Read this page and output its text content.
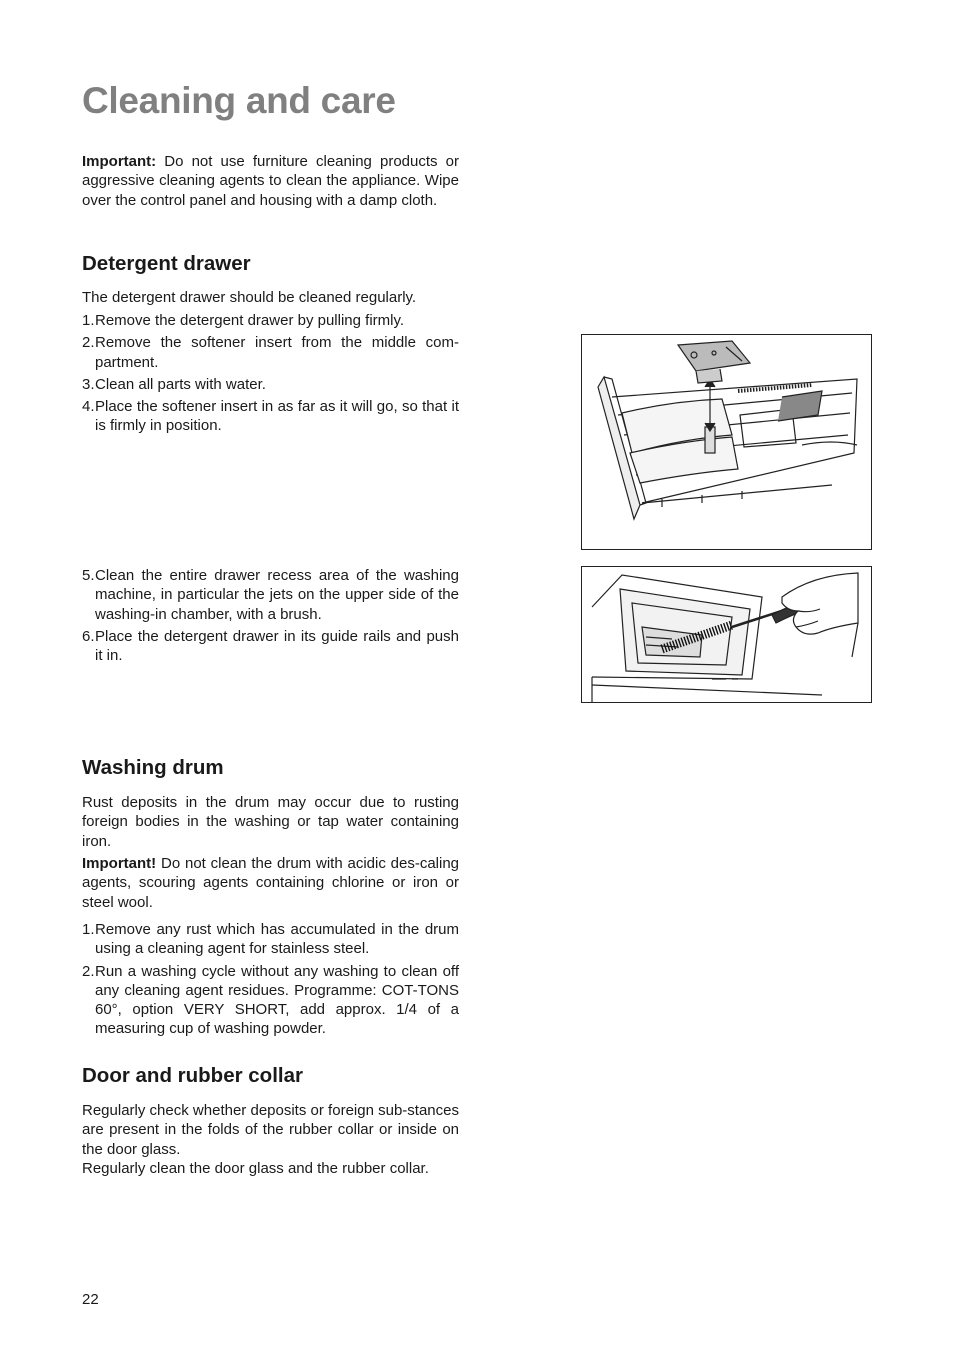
Cleaning and care

Important: Do not use furniture cleaning products or aggressive cleaning agents to clean the appliance. Wipe over the control panel and housing with a damp cloth.

Detergent drawer

The detergent drawer should be cleaned regularly.

1. Remove the detergent drawer by pulling firmly.
2. Remove the softener insert from the middle com-partment.
3. Clean all parts with water.
4. Place the softener insert in as far as it will go, so that it is firmly in position.
5. Clean the entire drawer recess area of the washing machine, in particular the jets on the upper side of the washing-in chamber, with a brush.
6. Place the detergent drawer in its guide rails and push it in.
Washing drum

Rust deposits in the drum may occur due to rusting foreign bodies in the washing or tap water containing iron.

Important! Do not clean the drum with acidic des-caling agents, scouring agents containing chlorine or iron or steel wool.

1. Remove any rust which has accumulated in the drum using a cleaning agent for stainless steel.
2. Run a washing cycle without any washing to clean off any cleaning agent residues. Programme: COT-TONS 60°, option VERY SHORT, add approx. 1/4 of a measuring cup of washing powder.
Door and rubber collar

Regularly check whether deposits or foreign sub-stances are present in the folds of the rubber collar or inside on the door glass.

Regularly clean the door glass and the rubber collar.

22
